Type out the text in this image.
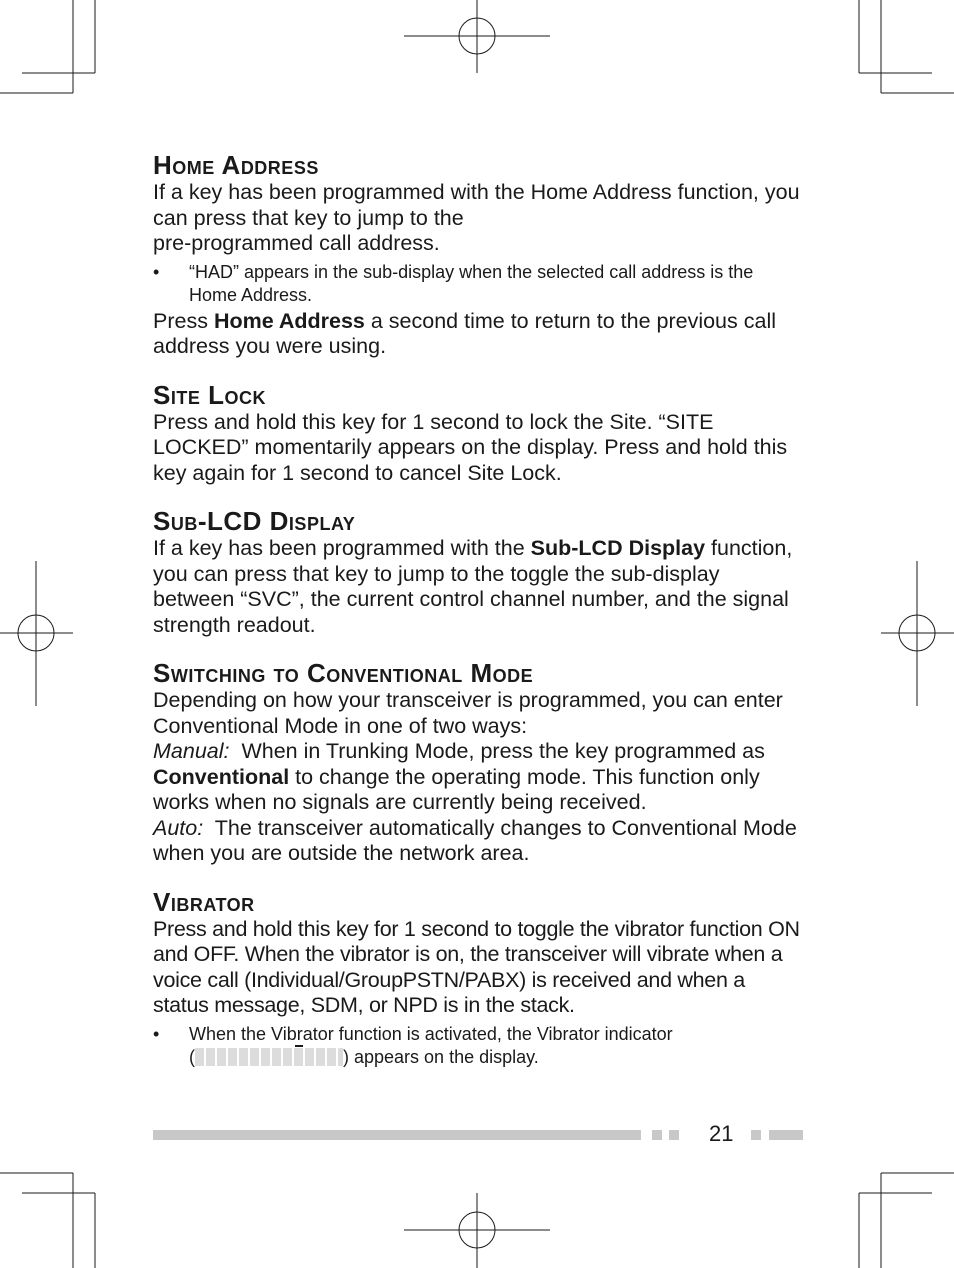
Home Address

If a key has been programmed with the Home Address function, you can press that key to jump to the
pre-programmed call address.

• “HAD” appears in the sub-display when the selected call address is the Home Address.

Press Home Address a second time to return to the previous call address you were using.

Site Lock

Press and hold this key for 1 second to lock the Site. “SITE LOCKED” momentarily appears on the display. Press and hold this key again for 1 second to cancel Site Lock.

Sub-LCD Display

If a key has been programmed with the Sub-LCD Display function, you can press that key to jump to the toggle the sub-display between “SVC”, the current control channel number, and the signal strength readout.

Switching to Conventional Mode

Depending on how your transceiver is programmed, you can enter Conventional Mode in one of two ways:

Manual:  When in Trunking Mode, press the key programmed as Conventional to change the operating mode. This function only works when no signals are currently being received.

Auto:  The transceiver automatically changes to Conventional Mode when you are outside the network area.

Vibrator

Press and hold this key for 1 second to toggle the vibrator function ON and OFF. When the vibrator is on, the transceiver will vibrate when a voice call (Individual/GroupPSTN/PABX) is received and when a status message, SDM, or NPD is in the stack.

• When the Vibrator function is activated, the Vibrator indicator
(	) appears on the display.
21
